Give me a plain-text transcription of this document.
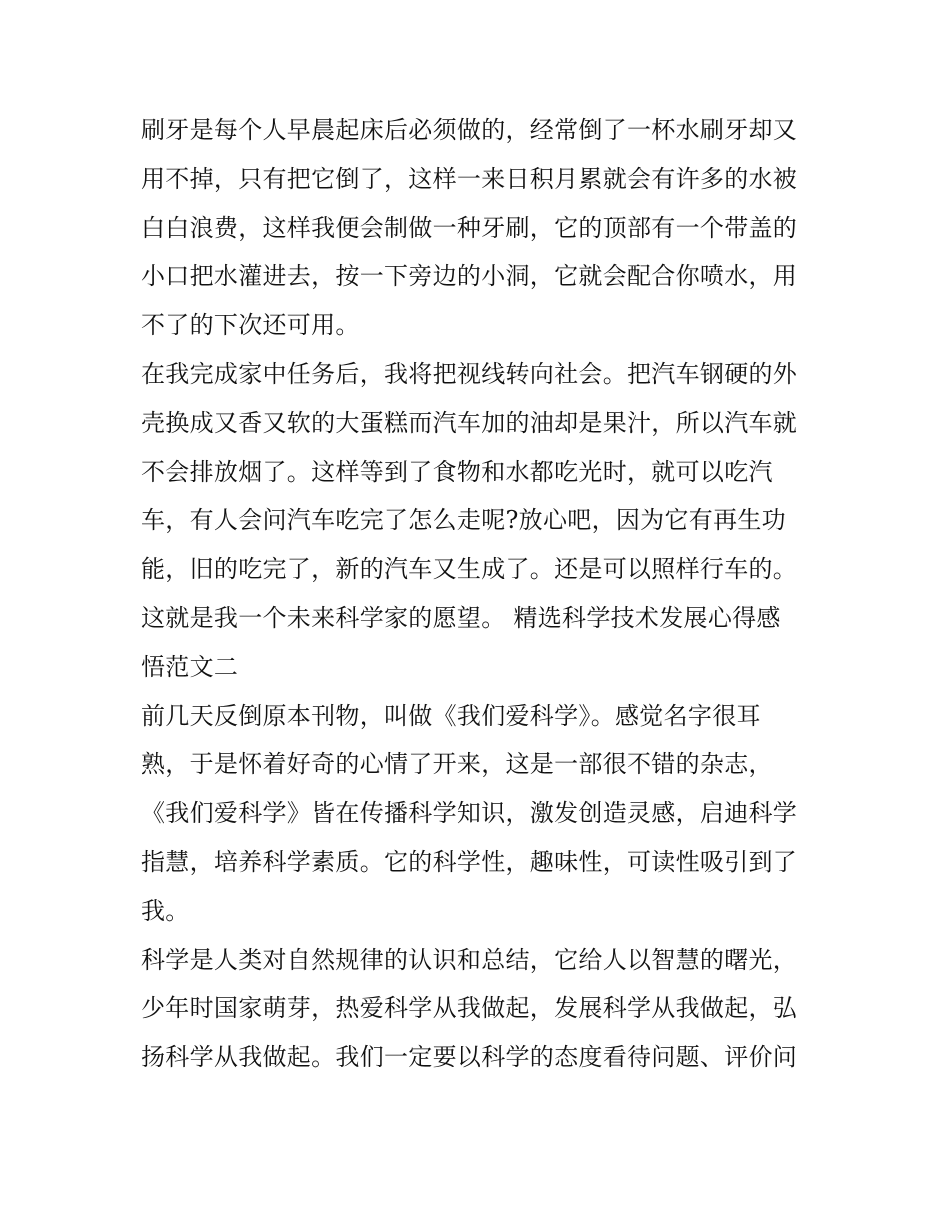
刷牙是每个人早晨起床后必须做的，经常倒了一杯水刷牙却又
用不掉，只有把它倒了，这样一来日积月累就会有许多的水被
白白浪费，这样我便会制做一种牙刷，它的顶部有一个带盖的
小口把水灌进去，按一下旁边的小洞，它就会配合你喷水，用
不了的下次还可用。
在我完成家中任务后，我将把视线转向社会。把汽车钢硬的外
壳换成又香又软的大蛋糕而汽车加的油却是果汁，所以汽车就
不会排放烟了。这样等到了食物和水都吃光时，就可以吃汽
车，有人会问汽车吃完了怎么走呢?放心吧，因为它有再生功
能，旧的吃完了，新的汽车又生成了。还是可以照样行车的。
这就是我一个未来科学家的愿望。 精选科学技术发展心得感
悟范文二
前几天反倒原本刊物，叫做《我们爱科学》。感觉名字很耳
熟，于是怀着好奇的心情了开来，这是一部很不错的杂志，
《我们爱科学》皆在传播科学知识，激发创造灵感，启迪科学
指慧，培养科学素质。它的科学性，趣味性，可读性吸引到了
我。
科学是人类对自然规律的认识和总结，它给人以智慧的曙光，
少年时国家萌芽，热爱科学从我做起，发展科学从我做起，弘
扬科学从我做起。我们一定要以科学的态度看待问题、评价问
